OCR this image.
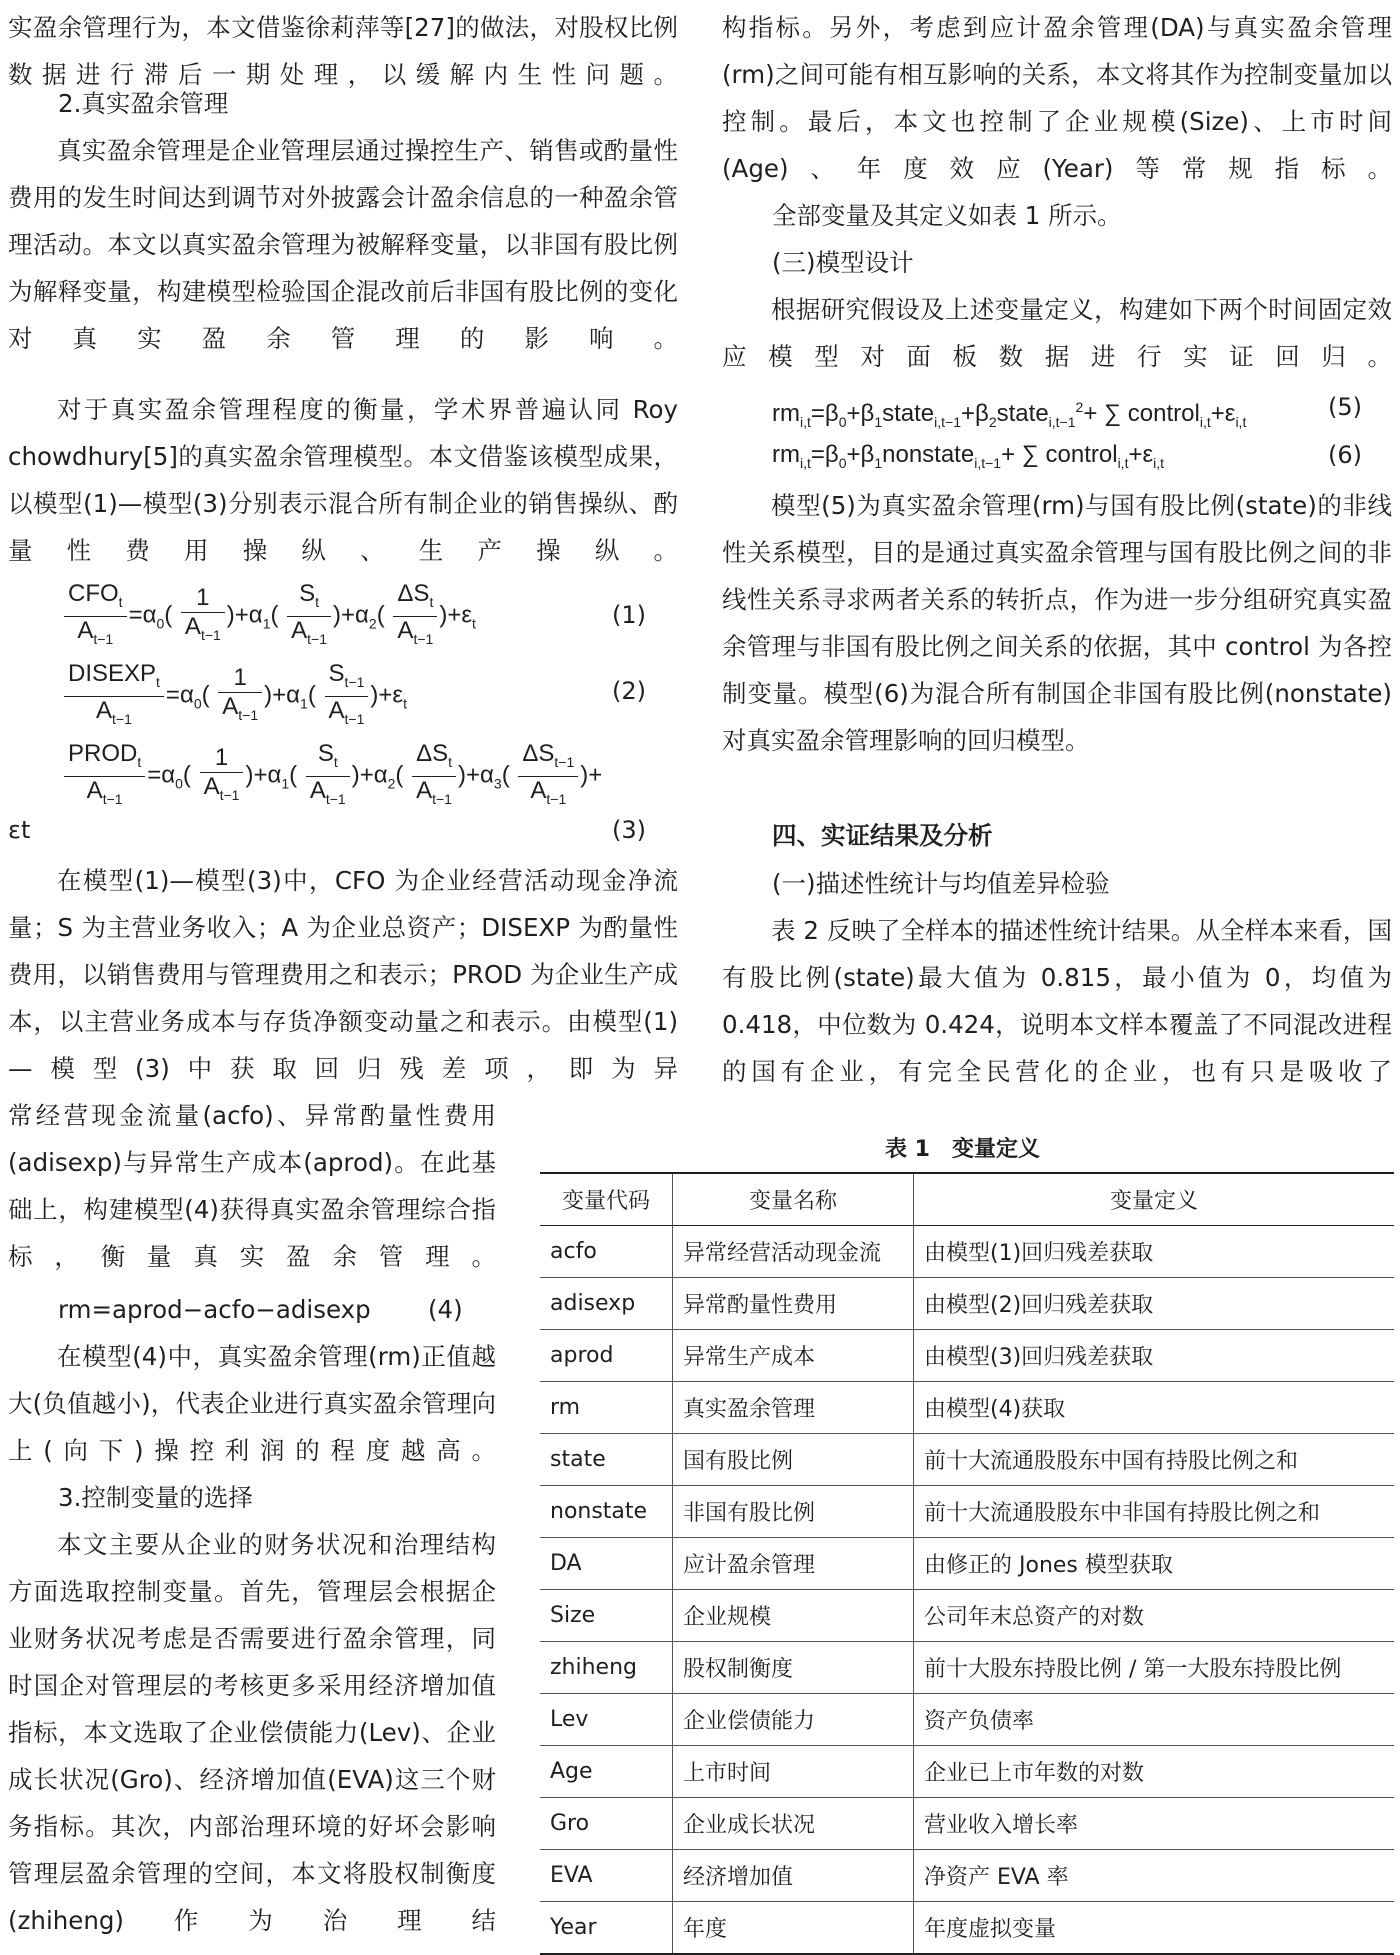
实盈余管理行为，本文借鉴徐莉萍等[27]的做法，对股权比例数据进行滞后一期处理，以缓解内生性问题。

2.真实盈余管理

真实盈余管理是企业管理层通过操控生产、销售或酌量性费用的发生时间达到调节对外披露会计盈余信息的一种盈余管理活动。本文以真实盈余管理为被解释变量，以非国有股比例为解释变量，构建模型检验国企混改前后非国有股比例的变化对真实盈余管理的影响。

对于真实盈余管理程度的衡量，学术界普遍认同 Roy chowdhury[5]的真实盈余管理模型。本文借鉴该模型成果，以模型(1)—模型(3)分别表示混合所有制企业的销售操纵、酌量性费用操纵、生产操纵。

$\frac{CFO_t}{A_{t-1}} =\alpha_0( \frac{1}{A_{t-1}} )+\alpha_1( \frac{S_t}{A_{t-1}} )+\alpha_2( \frac{\Delta S_t}{A_{t-1}} )+\varepsilon_t$	(1)
$\frac{DISEXP_t}{A_{t-1}} =\alpha_0( \frac{1}{A_{t-1}} )+\alpha_1( \frac{S_{t-1}}{A_{t-1}} )+\varepsilon_t$	(2)
$\frac{PROD_t}{A_{t-1}} =\alpha_0( \frac{1}{A_{t-1}} )+\alpha_1( \frac{S_t}{A_{t-1}} )+\alpha_2( \frac{\Delta S_t}{A_{t-1}} )+\alpha_3( \frac{\Delta S_{t-1}}{A_{t-1}}$ )+
εt	(3)

在模型(1)—模型(3)中，CFO 为企业经营活动现金净流量；S 为主营业务收入；A 为企业总资产；DISEXP 为酌量性费用，以销售费用与管理费用之和表示；PROD 为企业生产成本，以主营业务成本与存货净额变动量之和表示。由模型(1)—模型(3)中获取回归残差项，即为异

常经营现金流量(acfo)、异常酌量性费用(adisexp)与异常生产成本(aprod)。在此基础上，构建模型(4)获得真实盈余管理综合指标，衡量真实盈余管理。

rm=aprod−acfo−adisexp (4)

在模型(4)中，真实盈余管理(rm)正值越大(负值越小)，代表企业进行真实盈余管理向上(向下)操控利润的程度越高。

3.控制变量的选择

本文主要从企业的财务状况和治理结构方面选取控制变量。首先，管理层会根据企业财务状况考虑是否需要进行盈余管理，同时国企对管理层的考核更多采用经济增加值指标，本文选取了企业偿债能力(Lev)、企业成长状况(Gro)、经济增加值(EVA)这三个财务指标。其次，内部治理环境的好坏会影响管理层盈余管理的空间，本文将股权制衡度(zhiheng)作为治理结

构指标。另外，考虑到应计盈余管理(DA)与真实盈余管理(rm)之间可能有相互影响的关系，本文将其作为控制变量加以控制。最后，本文也控制了企业规模(Size)、上市时间(Age)、年度效应(Year)等常规指标。

全部变量及其定义如表 1 所示。

(三)模型设计

根据研究假设及上述变量定义，构建如下两个时间固定效应模型对面板数据进行实证回归。

$rm_{i,t}=\beta_0+\beta_1state_{i,t-1}+\beta_2state_{i,t-1}^2+$ ∑ $control_{i,t}+\varepsilon_{i,t}$
(5)
$rm_{i,t}=\beta_0+\beta_1nonstate_{i,t-1}+$ ∑ $control_{i,t}+\varepsilon_{i,t}$	(6)

模型(5)为真实盈余管理(rm)与国有股比例(state)的非线性关系模型，目的是通过真实盈余管理与国有股比例之间的非线性关系寻求两者关系的转折点，作为进一步分组研究真实盈余管理与非国有股比例之间关系的依据，其中 control 为各控制变量。模型(6)为混合所有制国企非国有股比例(nonstate)对真实盈余管理影响的回归模型。

四、实证结果及分析

(一)描述性统计与均值差异检验

表 2 反映了全样本的描述性统计结果。从全样本来看，国有股比例(state)最大值为 0.815，最小值为 0，均值为 0.418，中位数为 0.424，说明本文样本覆盖了不同混改进程的国有企业，有完全民营化的企业，也有只是吸收了

表 1　变量定义
变量代码	变量名称	变量定义
acfo	异常经营活动现金流	由模型(1)回归残差获取
adisexp	异常酌量性费用	由模型(2)回归残差获取
aprod	异常生产成本	由模型(3)回归残差获取
rm	真实盈余管理	由模型(4)获取
state	国有股比例	前十大流通股股东中国有持股比例之和
nonstate	非国有股比例	前十大流通股股东中非国有持股比例之和
DA	应计盈余管理	由修正的 Jones 模型获取
Size	企业规模	公司年末总资产的对数
zhiheng	股权制衡度	前十大股东持股比例 / 第一大股东持股比例
Lev	企业偿债能力	资产负债率
Age	上市时间	企业已上市年数的对数
Gro	企业成长状况	营业收入增长率
EVA	经济增加值	净资产 EVA 率
Year	年度	年度虚拟变量
